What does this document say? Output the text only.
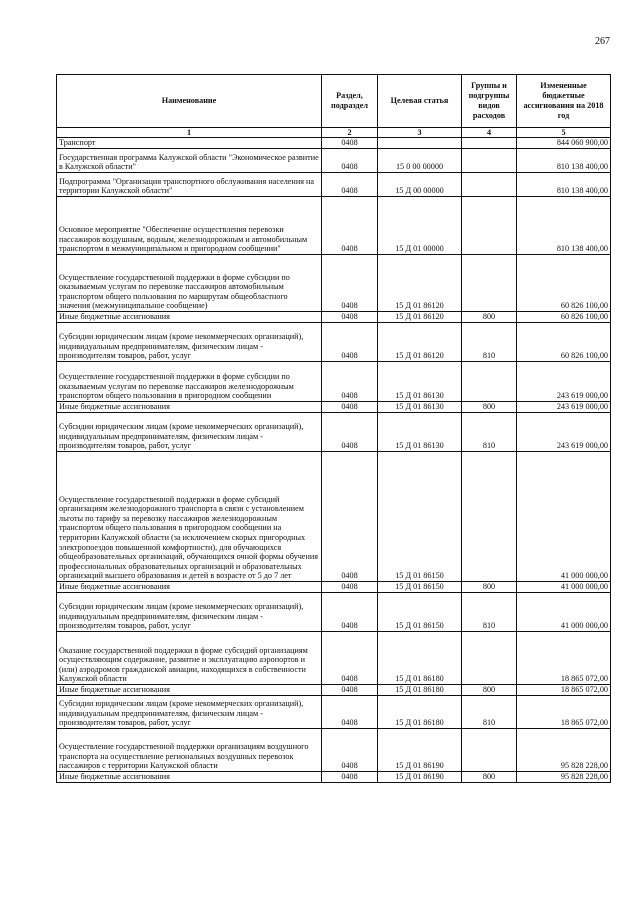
267
Наименование	Раздел, подраздел	Целевая статья	Группы и подгруппы видов расходов	Измененные бюджетные ассигнования на 2018 год
1	2	3	4	5
Транспорт	0408			844 060 900,00
Государственная программа Калужской области "Экономическое развитие в Калужской области"	0408	15 0 00 00000		810 138 400,00
Подпрограмма "Организация транспортного обслуживания населения на территории Калужской области"	0408	15 Д 00 00000		810 138 400,00
Основное мероприятие "Обеспечение осуществления перевозки пассажиров воздушным, водным, железнодорожным и автомобильным транспортом в межмуниципальном и пригородном сообщении"	0408	15 Д 01 00000		810 138 400,00
Осуществление государственной поддержки в форме субсидии по оказываемым услугам по перевозке пассажиров автомобильным транспортом общего пользования по маршрутам общеобластного значения (межмуниципальное сообщение)	0408	15 Д 01 86120		60 826 100,00
Иные бюджетные ассигнования	0408	15 Д 01 86120	800	60 826 100,00
Субсидии юридическим лицам (кроме некоммерческих организаций), индивидуальным предпринимателям, физическим лицам - производителям товаров, работ, услуг	0408	15 Д 01 86120	810	60 826 100,00
Осуществление государственной поддержки в форме субсидии по оказываемым услугам по перевозке пассажиров железнодорожным транспортом общего пользования в пригородном сообщении	0408	15 Д 01 86130		243 619 000,00
Иные бюджетные ассигнования	0408	15 Д 01 86130	800	243 619 000,00
Субсидии юридическим лицам (кроме некоммерческих организаций), индивидуальным предпринимателям, физическим лицам - производителям товаров, работ, услуг	0408	15 Д 01 86130	810	243 619 000,00
Осуществление государственной поддержки в форме субсидий организациям железнодорожного транспорта в связи с установлением льготы по тарифу за перевозку пассажиров железнодорожным транспортом общего пользования в пригородном сообщении на территории Калужской области (за исключением скорых пригородных электропоездов повышенной комфортности), для обучающихся общеобразовательных организаций, обучающихся очной формы обучения профессиональных образовательных организаций и образовательных организаций высшего образования и детей в возрасте от 5 до 7 лет	0408	15 Д 01 86150		41 000 000,00
Иные бюджетные ассигнования	0408	15 Д 01 86150	800	41 000 000,00
Субсидии юридическим лицам (кроме некоммерческих организаций), индивидуальным предпринимателям, физическим лицам - производителям товаров, работ, услуг	0408	15 Д 01 86150	810	41 000 000,00
Оказание государственной поддержки в форме субсидий организациям осуществляющим содержание, развитие и эксплуатацию аэропортов и (или) аэродромов гражданской авиации, находящихся в собственности Калужской области	0408	15 Д 01 86180		18 865 072,00
Иные бюджетные ассигнования	0408	15 Д 01 86180	800	18 865 072,00
Субсидии юридическим лицам (кроме некоммерческих организаций), индивидуальным предпринимателям, физическим лицам - производителям товаров, работ, услуг	0408	15 Д 01 86180	810	18 865 072,00
Осуществление государственной поддержки организациям воздушного транспорта на осуществление региональных воздушных перевозок пассажиров с территории Калужской области	0408	15 Д 01 86190		95 828 228,00
Иные бюджетные ассигнования	0408	15 Д 01 86190	800	95 828 228,00
